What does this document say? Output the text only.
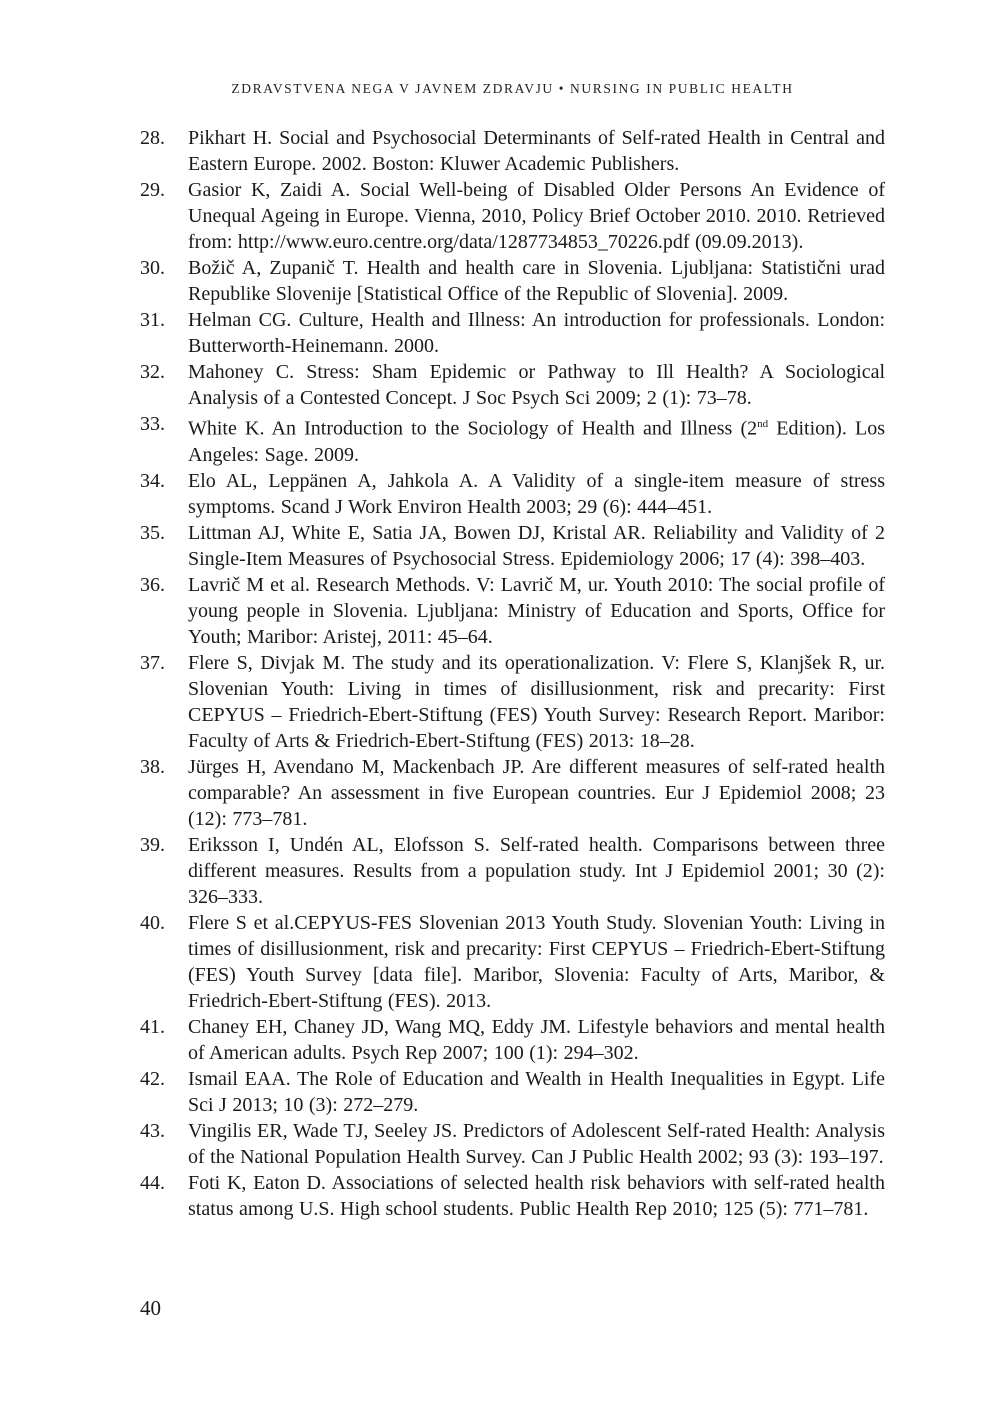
ZDRAVSTVENA NEGA V JAVNEM ZDRAVJU • NURSING IN PUBLIC HEALTH
28.	Pikhart H. Social and Psychosocial Determinants of Self-rated Health in Central and Eastern Europe. 2002. Boston: Kluwer Academic Publishers.
29.	Gasior K, Zaidi A. Social Well-being of Disabled Older Persons An Evidence of Unequal Ageing in Europe. Vienna, 2010, Policy Brief October 2010. 2010. Retrieved from: http://www.euro.centre.org/data/1287734853_70226.pdf (09.09.2013).
30.	Božič A, Zupanič T. Health and health care in Slovenia. Ljubljana: Statistični urad Republike Slovenije [Statistical Office of the Republic of Slovenia]. 2009.
31.	Helman CG. Culture, Health and Illness: An introduction for professionals. London: Butterworth-Heinemann. 2000.
32.	Mahoney C. Stress: Sham Epidemic or Pathway to Ill Health? A Sociological Analysis of a Contested Concept. J Soc Psych Sci 2009; 2 (1): 73–78.
33.	White K. An Introduction to the Sociology of Health and Illness (2nd Edition). Los Angeles: Sage. 2009.
34.	Elo AL, Leppänen A, Jahkola A. A Validity of a single-item measure of stress symptoms. Scand J Work Environ Health 2003; 29 (6): 444–451.
35.	Littman AJ, White E, Satia JA, Bowen DJ, Kristal AR. Reliability and Validity of 2 Single-Item Measures of Psychosocial Stress. Epidemiology 2006; 17 (4): 398–403.
36.	Lavrič M et al. Research Methods. V: Lavrič M, ur. Youth 2010: The social profile of young people in Slovenia. Ljubljana: Ministry of Education and Sports, Office for Youth; Maribor: Aristej, 2011: 45–64.
37.	Flere S, Divjak M. The study and its operationalization. V: Flere S, Klanjšek R, ur. Slovenian Youth: Living in times of disillusionment, risk and precarity: First CEPYUS – Friedrich-Ebert-Stiftung (FES) Youth Survey: Research Report. Maribor: Faculty of Arts & Friedrich-Ebert-Stiftung (FES) 2013: 18–28.
38.	Jürges H, Avendano M, Mackenbach JP. Are different measures of self-rated health comparable? An assessment in five European countries. Eur J Epidemiol 2008; 23 (12): 773–781.
39.	Eriksson I, Undén AL, Elofsson S. Self-rated health. Comparisons between three different measures. Results from a population study. Int J Epidemiol 2001; 30 (2): 326–333.
40.	Flere S et al.CEPYUS-FES Slovenian 2013 Youth Study. Slovenian Youth: Living in times of disillusionment, risk and precarity: First CEPYUS – Friedrich-Ebert-Stiftung (FES) Youth Survey [data file]. Maribor, Slovenia: Faculty of Arts, Maribor, & Friedrich-Ebert-Stiftung (FES). 2013.
41.	Chaney EH, Chaney JD, Wang MQ, Eddy JM. Lifestyle behaviors and mental health of American adults. Psych Rep 2007; 100 (1): 294–302.
42.	Ismail EAA. The Role of Education and Wealth in Health Inequalities in Egypt. Life Sci J 2013; 10 (3): 272–279.
43.	Vingilis ER, Wade TJ, Seeley JS. Predictors of Adolescent Self-rated Health: Analysis of the National Population Health Survey. Can J Public Health 2002; 93 (3): 193–197.
44.	Foti K, Eaton D. Associations of selected health risk behaviors with self-rated health status among U.S. High school students. Public Health Rep 2010; 125 (5): 771–781.
40
